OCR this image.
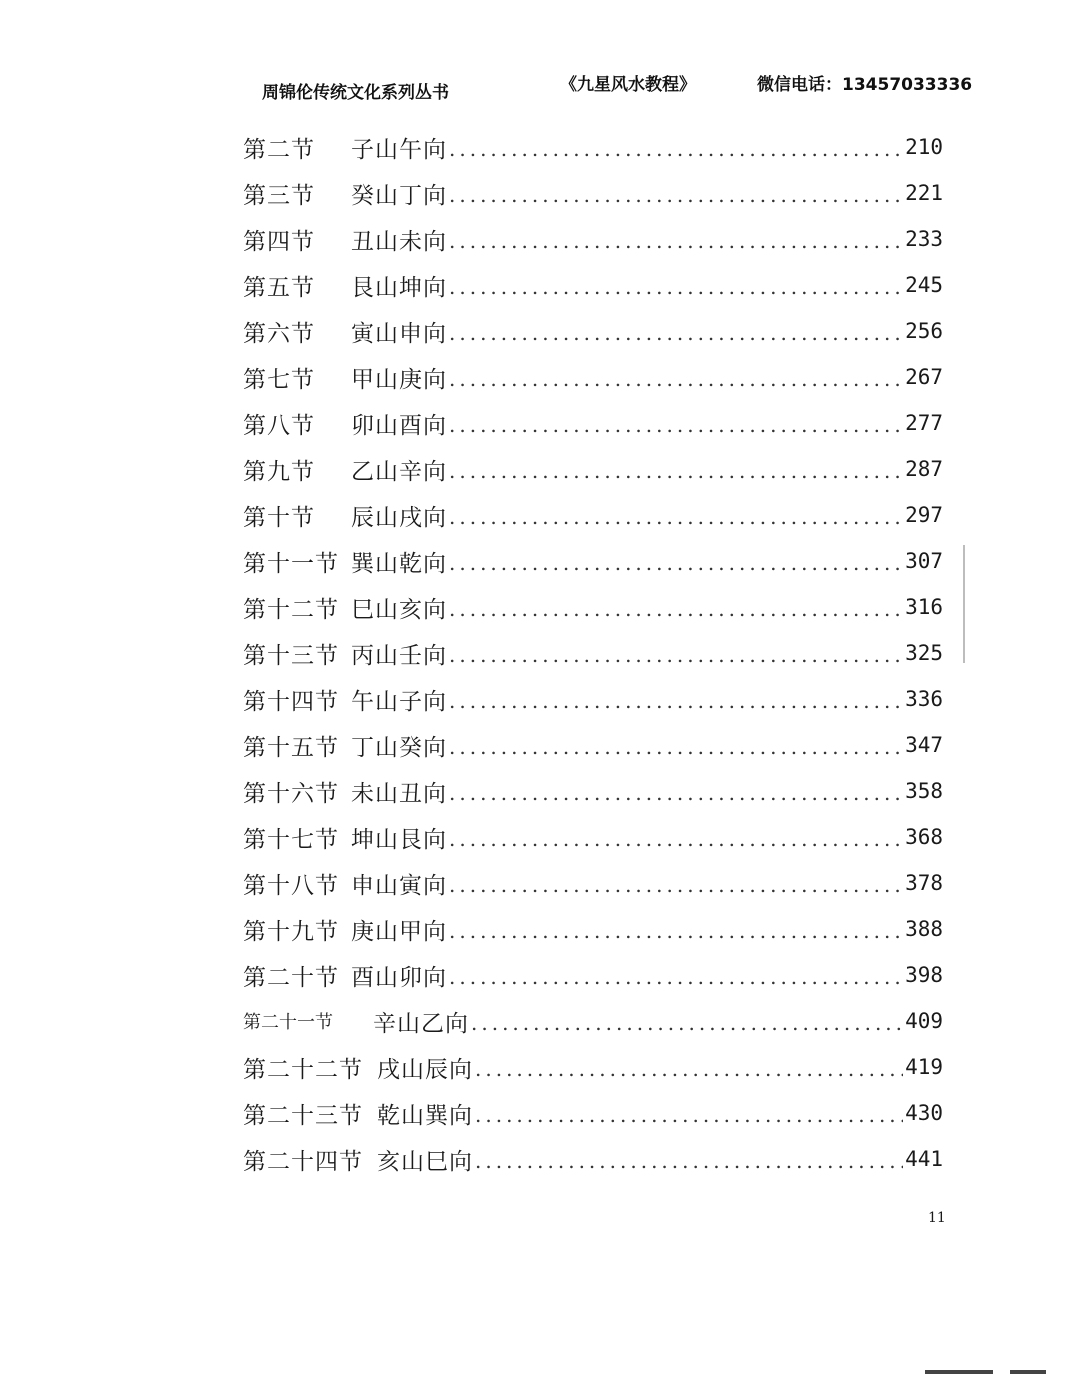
周锦伦传统文化系列丛书	《九星风水教程》	微信电话：13457033336
第二节	子山午向 .....	210
第三节	癸山丁向 .....	221
第四节	丑山未向 .....	233
第五节	艮山坤向 .....	245
第六节	寅山申向 .....	256
第七节	甲山庚向 .....	267
第八节	卯山酉向 .....	277
第九节	乙山辛向 .....	287
第十节	辰山戌向 .....	297
第十一节 巽山乾向 .....	307
第十二节 巳山亥向 .....	316
第十三节 丙山壬向 .....	325
第十四节 午山子向 .....	336
第十五节 丁山癸向 .....	347
第十六节 未山丑向 .....	358
第十七节 坤山艮向 .....	368
第十八节 申山寅向 .....	378
第十九节 庚山甲向 .....	388
第二十节 酉山卯向 .....	398
第二十一节	辛山乙向 .....	409
第二十二节 戌山辰向 .....	419
第二十三节 乾山巽向 .....	430
第二十四节 亥山巳向 .....	441
11
